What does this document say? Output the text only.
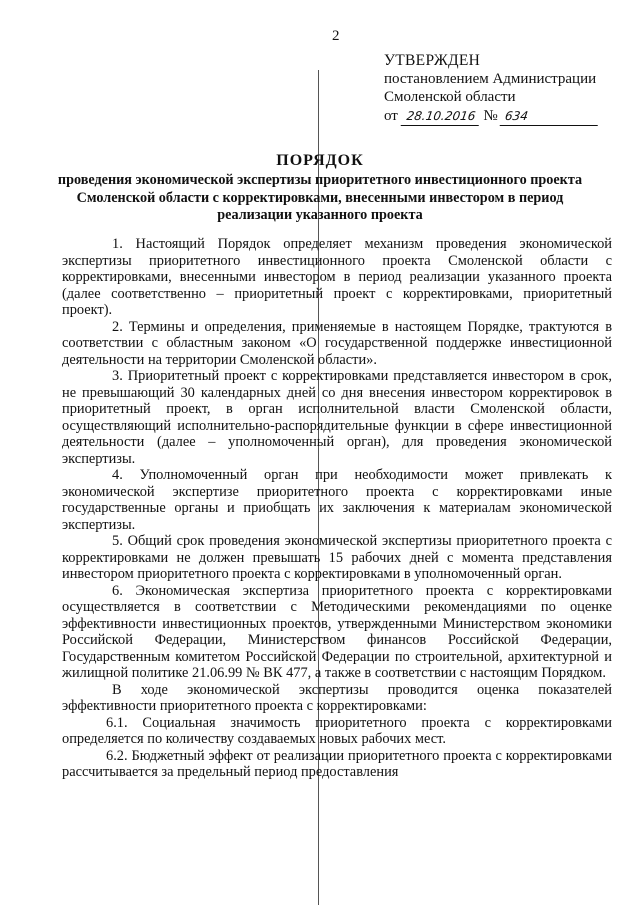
2
УТВЕРЖДЕН
постановлением Администрации
Смоленской области
от 28.10.2016 № 634
ПОРЯДОК
проведения экономической экспертизы приоритетного инвестиционного проекта Смоленской области с корректировками, внесенными инвестором в период реализации указанного проекта

1. Настоящий Порядок определяет механизм проведения экономической экспертизы приоритетного инвестиционного проекта Смоленской области с корректировками, внесенными инвестором в период реализации указанного проекта (далее соответственно – приоритетный проект с корректировками, приоритетный проект).

2. Термины и определения, применяемые в настоящем Порядке, трактуются в соответствии с областным законом «О государственной поддержке инвестиционной деятельности на территории Смоленской области».

3. Приоритетный проект с корректировками представляется инвестором в срок, не превышающий 30 календарных дней со дня внесения инвестором корректировок в приоритетный проект, в орган исполнительной власти Смоленской области, осуществляющий исполнительно-распорядительные функции в сфере инвестиционной деятельности (далее – уполномоченный орган), для проведения экономической экспертизы.

4. Уполномоченный орган при необходимости может привлекать к экономической экспертизе приоритетного проекта с корректировками иные государственные органы и приобщать их заключения к материалам экономической экспертизы.

5. Общий срок проведения экономической экспертизы приоритетного проекта с корректировками не должен превышать 15 рабочих дней с момента представления инвестором приоритетного проекта с корректировками в уполномоченный орган.

6. Экономическая экспертиза приоритетного проекта с корректировками осуществляется в соответствии с Методическими рекомендациями по оценке эффективности инвестиционных проектов, утвержденными Министерством экономики Российской Федерации, Министерством финансов Российской Федерации, Государственным комитетом Российской Федерации по строительной, архитектурной и жилищной политике 21.06.99 № ВК 477, а также в соответствии с настоящим Порядком.

В ходе экономической экспертизы проводится оценка показателей эффективности приоритетного проекта с корректировками:

6.1. Социальная значимость приоритетного проекта с корректировками определяется по количеству создаваемых новых рабочих мест.

6.2. Бюджетный эффект от реализации приоритетного проекта с корректировками рассчитывается за предельный период предоставления
